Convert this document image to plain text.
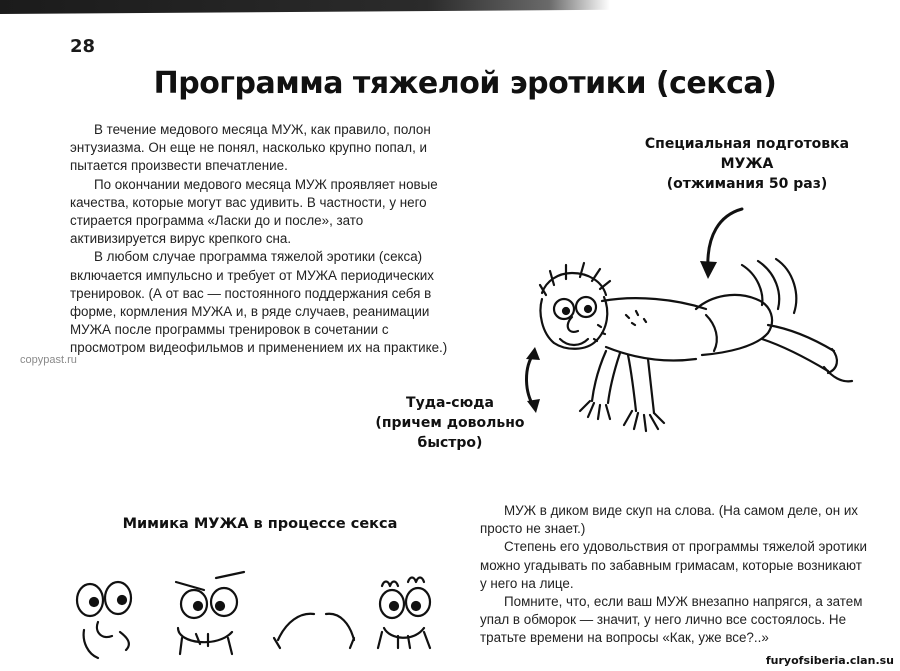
28
Программа тяжелой эротики (секса)

В течение медового месяца МУЖ, как правило, полон энтузиазма. Он еще не понял, насколько крупно попал, и пытается произвести впечатление.

По окончании медового месяца МУЖ проявляет новые качества, которые могут вас удивить. В частности, у него стирается программа «Ласки до и после», зато активизируется вирус крепкого сна.

В любом случае программа тяжелой эротики (секса) включается импульсно и требует от МУЖА периодических тренировок. (А от вас — постоянного поддержания себя в форме, кормления МУЖА и, в ряде случаев, реанимации МУЖА после программы тренировок в сочетании с просмотром видеофильмов и применением их на практике.)

Специальная подготовка
МУЖА
(отжимания 50 раз)
Туда-сюда
(причем довольно
быстро)
Мимика МУЖА в процессе секса

МУЖ в диком виде скуп на слова. (На самом деле, он их просто не знает.)

Степень его удовольствия от программы тяжелой эротики можно угадывать по забавным гримасам, которые возникают у него на лице.

Помните, что, если ваш МУЖ внезапно напрягся, а затем упал в обморок — значит, у него лично все состоялось. Не тратьте времени на вопросы «Как, уже все?..»

copypast.ru
furyofsiberia.clan.su
